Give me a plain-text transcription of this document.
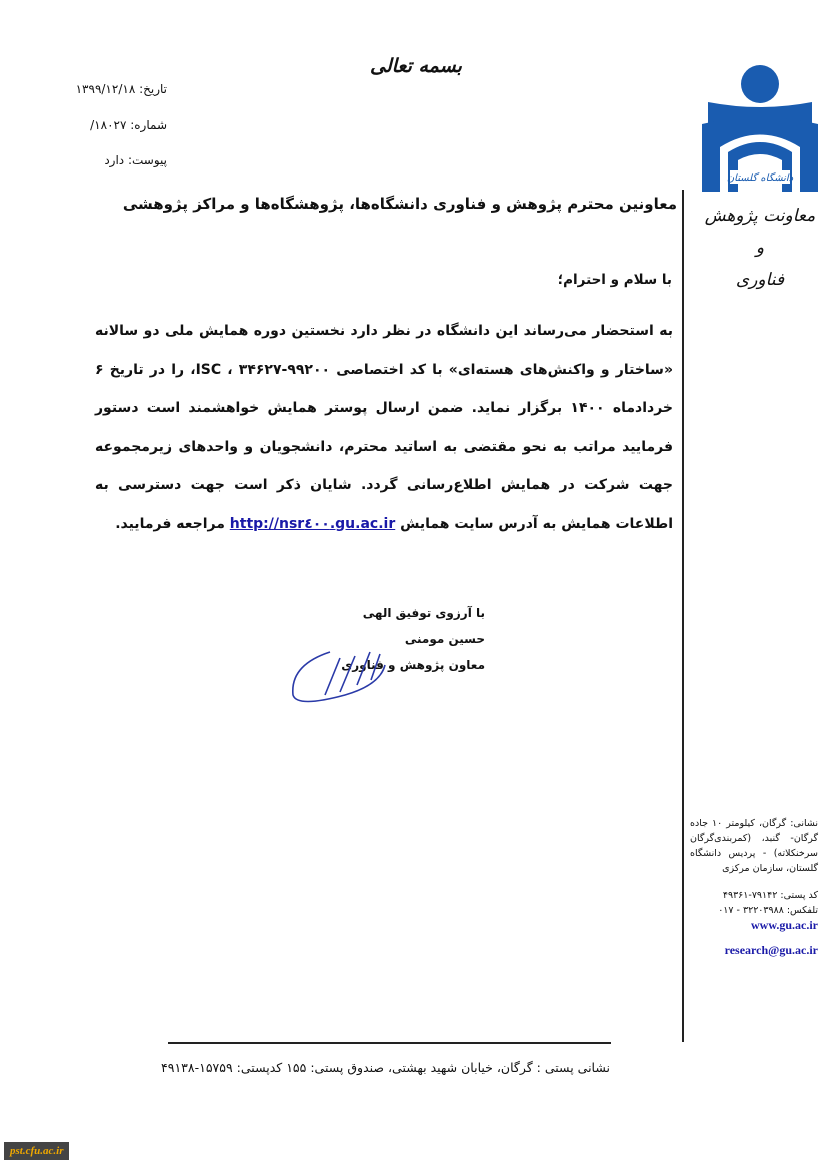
بسمه تعالی
تاریخ: ۱۳۹۹/۱۲/۱۸
شماره: ۱۸۰۲۷/
پیوست: دارد
دانشگاه گلستان
معاونت پژوهش و
فناوری
معاونین محترم پژوهش و فناوری دانشگاه‌ها، پژوهشگاه‌ها و مراکز پژوهشی
با سلام و احترام؛
به استحضار می‌رساند این دانشگاه در نظر دارد نخستین دوره همایش ملی دو سالانه «ساختار و واکنش‌های هسته‌ای» با کد اختصاصی ISC ، ۳۴۶۲۷-۹۹۲۰۰، را در تاریخ ۶ خردادماه ۱۴۰۰ برگزار نماید. ضمن ارسال پوستر همایش خواهشمند است دستور فرمایید مراتب به نحو مقتضی به اساتید محترم، دانشجویان و واحدهای زیرمجموعه جهت شرکت در همایش اطلاع‌رسانی گردد. شایان ذکر است جهت دسترسی به اطلاعات همایش به آدرس سایت همایش http://nsr٤٠٠.gu.ac.ir مراجعه فرمایید.
با آرزوی توفیق الهی
حسین مومنی
معاون پژوهش و فناوری
نشانی: گرگان، کیلومتر ۱۰ جاده گرگان- گنبد، (کمربندی‌گرگان سرخنکلاته) - پردیس دانشگاه گلستان، سازمان مرکزی
کد پستی: ۷۹۱۴۲-۴۹۳۶۱
تلفکس: ۳۲۲۰۳۹۸۸ - ۰۱۷
www.gu.ac.ir
research@gu.ac.ir
نشانی پستی : گرگان، خیابان شهید بهشتی، صندوق پستی: ۱۵۵ کدپستی: ۱۵۷۵۹-۴۹۱۳۸
pst.cfu.ac.ir
